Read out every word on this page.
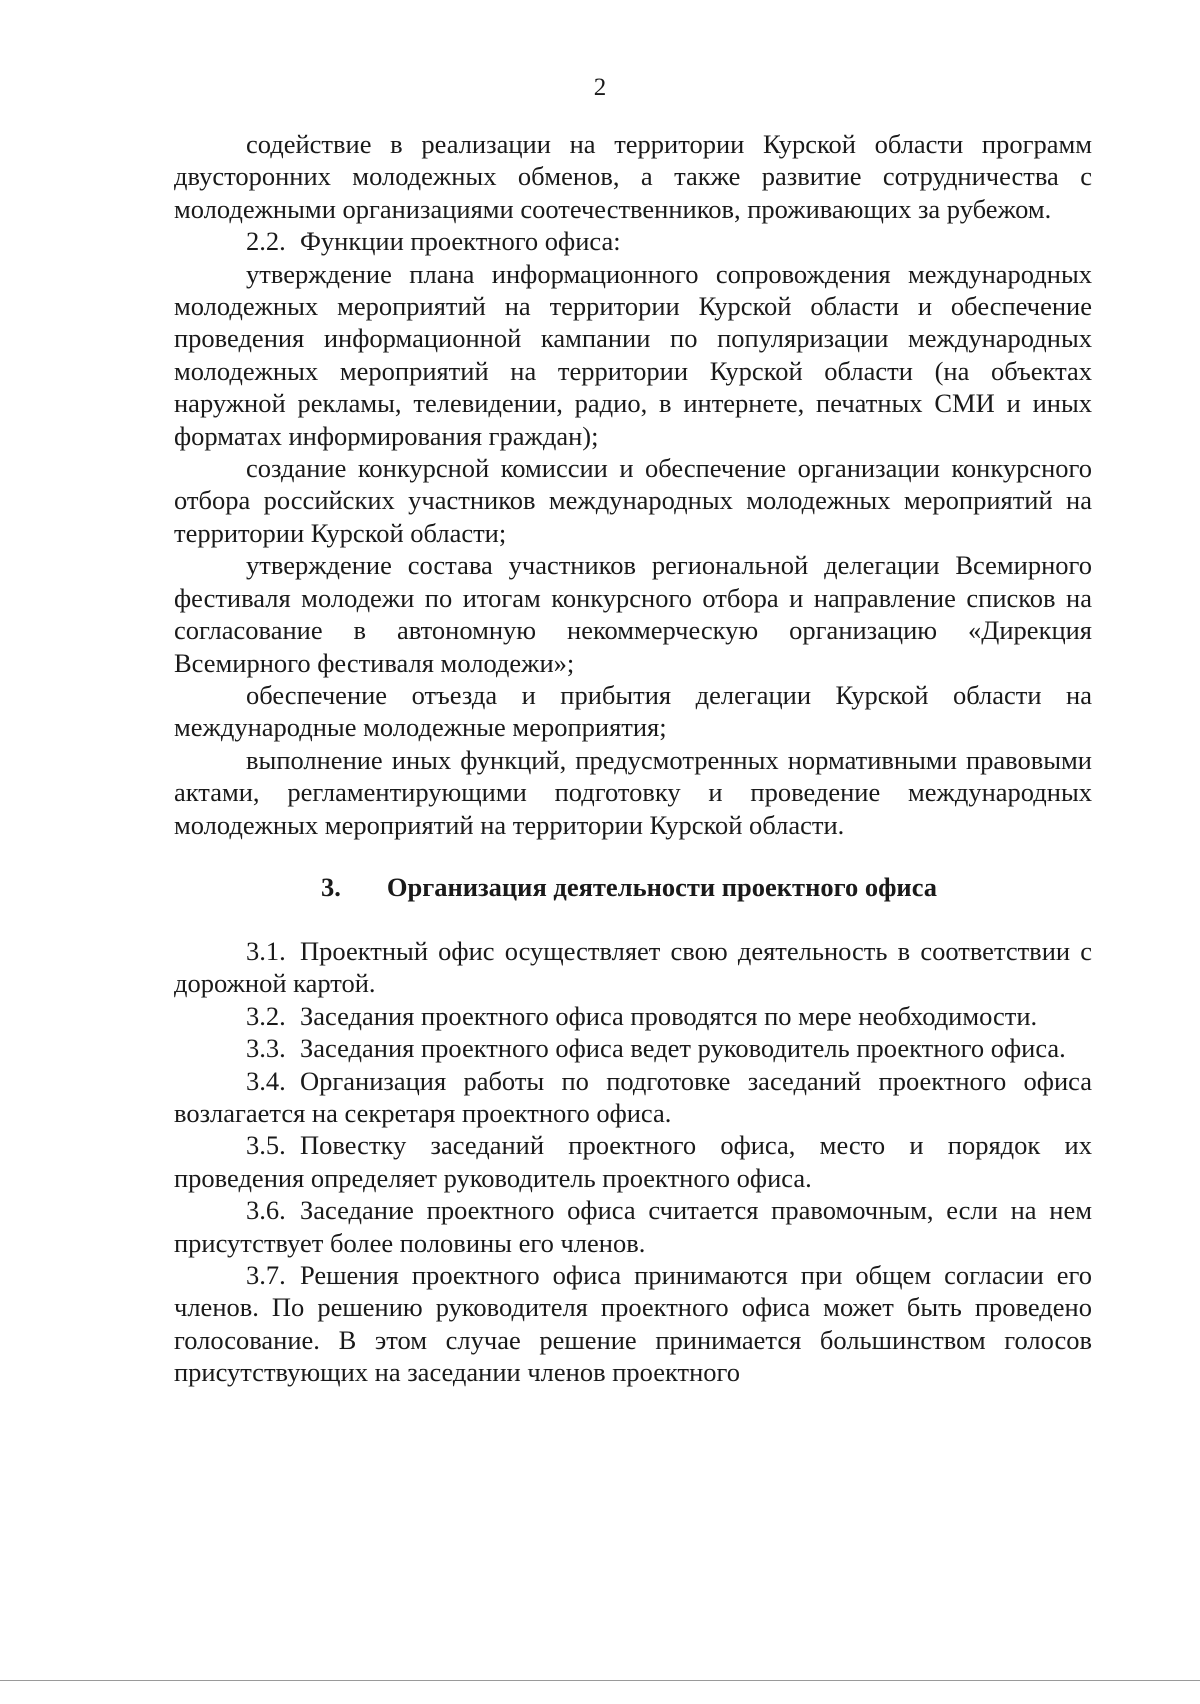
2

содействие в реализации на территории Курской области программ двусторонних молодежных обменов, а также развитие сотрудничества с молодежными организациями соотечественников, проживающих за рубежом.

2.2. Функции проектного офиса:

утверждение плана информационного сопровождения международных молодежных мероприятий на территории Курской области и обеспечение проведения информационной кампании по популяризации международных молодежных мероприятий на территории Курской области (на объектах наружной рекламы, телевидении, радио, в интернете, печатных СМИ и иных форматах информирования граждан);

создание конкурсной комиссии и обеспечение организации конкурсного отбора российских участников международных молодежных мероприятий на территории Курской области;

утверждение состава участников региональной делегации Всемирного фестиваля молодежи по итогам конкурсного отбора и направление списков на согласование в автономную некоммерческую организацию «Дирекция Всемирного фестиваля молодежи»;

обеспечение отъезда и прибытия делегации Курской области на международные молодежные мероприятия;

выполнение иных функций, предусмотренных нормативными правовыми актами, регламентирующими подготовку и проведение международных молодежных мероприятий на территории Курской области.

3. Организация деятельности проектного офиса

3.1. Проектный офис осуществляет свою деятельность в соответствии с дорожной картой.

3.2. Заседания проектного офиса проводятся по мере необходимости.

3.3. Заседания проектного офиса ведет руководитель проектного офиса.

3.4. Организация работы по подготовке заседаний проектного офиса возлагается на секретаря проектного офиса.

3.5. Повестку заседаний проектного офиса, место и порядок их проведения определяет руководитель проектного офиса.

3.6. Заседание проектного офиса считается правомочным, если на нем присутствует более половины его членов.

3.7. Решения проектного офиса принимаются при общем согласии его членов. По решению руководителя проектного офиса может быть проведено голосование. В этом случае решение принимается большинством голосов присутствующих на заседании членов проектного
